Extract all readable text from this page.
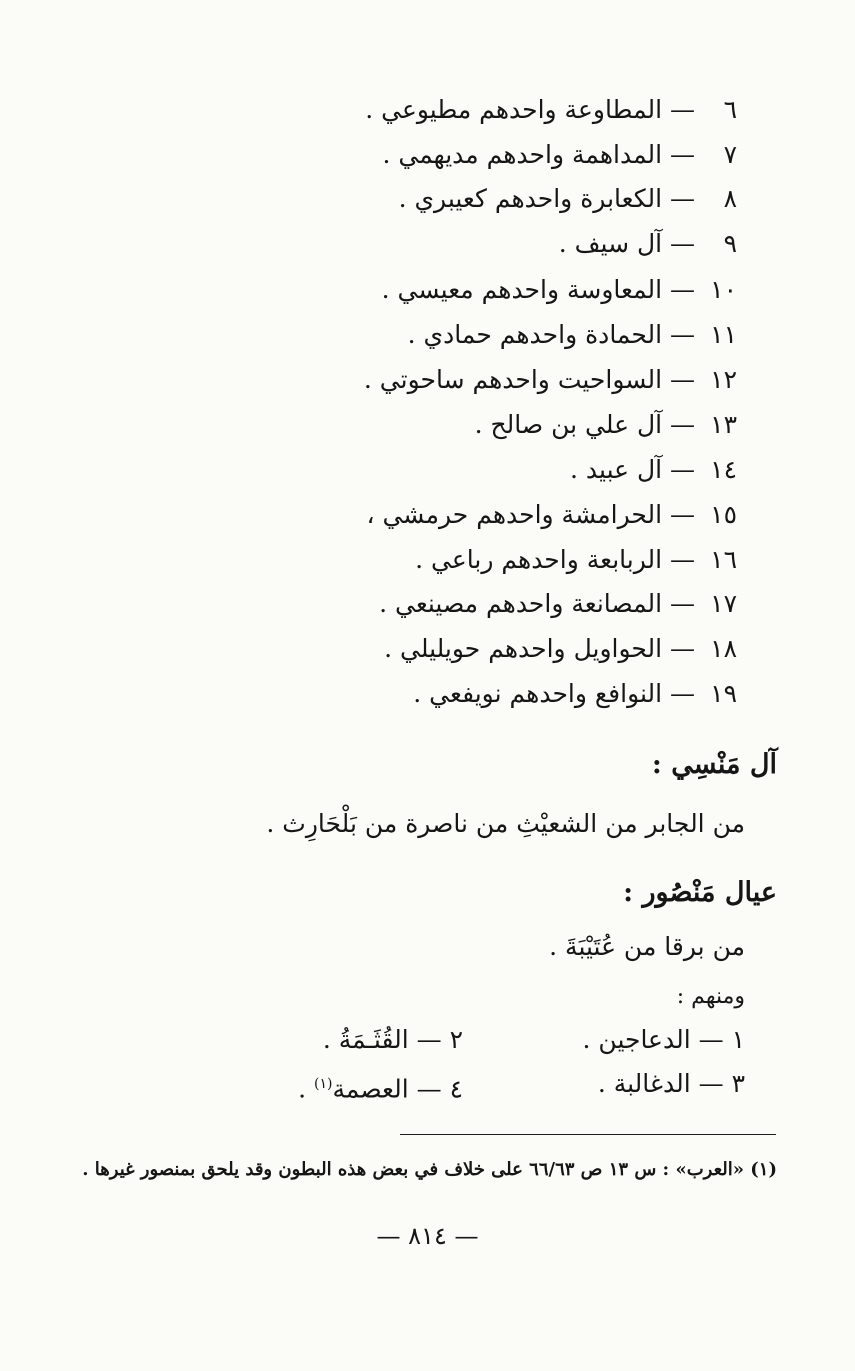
٦ — المطاوعة واحدهم مطيوعي .
٧ — المداهمة واحدهم مديهمي .
٨ — الكعابرة واحدهم كعيبري .
٩ — آل سيف .
١٠ — المعاوسة واحدهم معيسي .
١١ — الحمادة واحدهم حمادي .
١٢ — السواحيت واحدهم ساحوتي .
١٣ — آل علي بن صالح .
١٤ — آل عبيد .
١٥ — الحرامشة واحدهم حرمشي ،
١٦ — الربابعة واحدهم رباعي .
١٧ — المصانعة واحدهم مصينعي .
١٨ — الحواويل واحدهم حويليلي .
١٩ — النوافع واحدهم نويفعي .
آل مَنْسِي :
من الجابر من الشعيْثِ من ناصرة من بَلْحَارِث .
عيال مَنْصُور :
من برقا من عُتَيْبَةَ .
ومنهم :
١ — الدعاجين .
٢ — القُثَـمَةُ .
٣ — الدغالبة .
٤ — العصمة$^{(١)}$ .
(١) «العرب» : س ١٣ ص ٦٦/٦٣ على خلاف في بعض هذه البطون وقد يلحق بمنصور غيرها .
— ٨١٤ —
